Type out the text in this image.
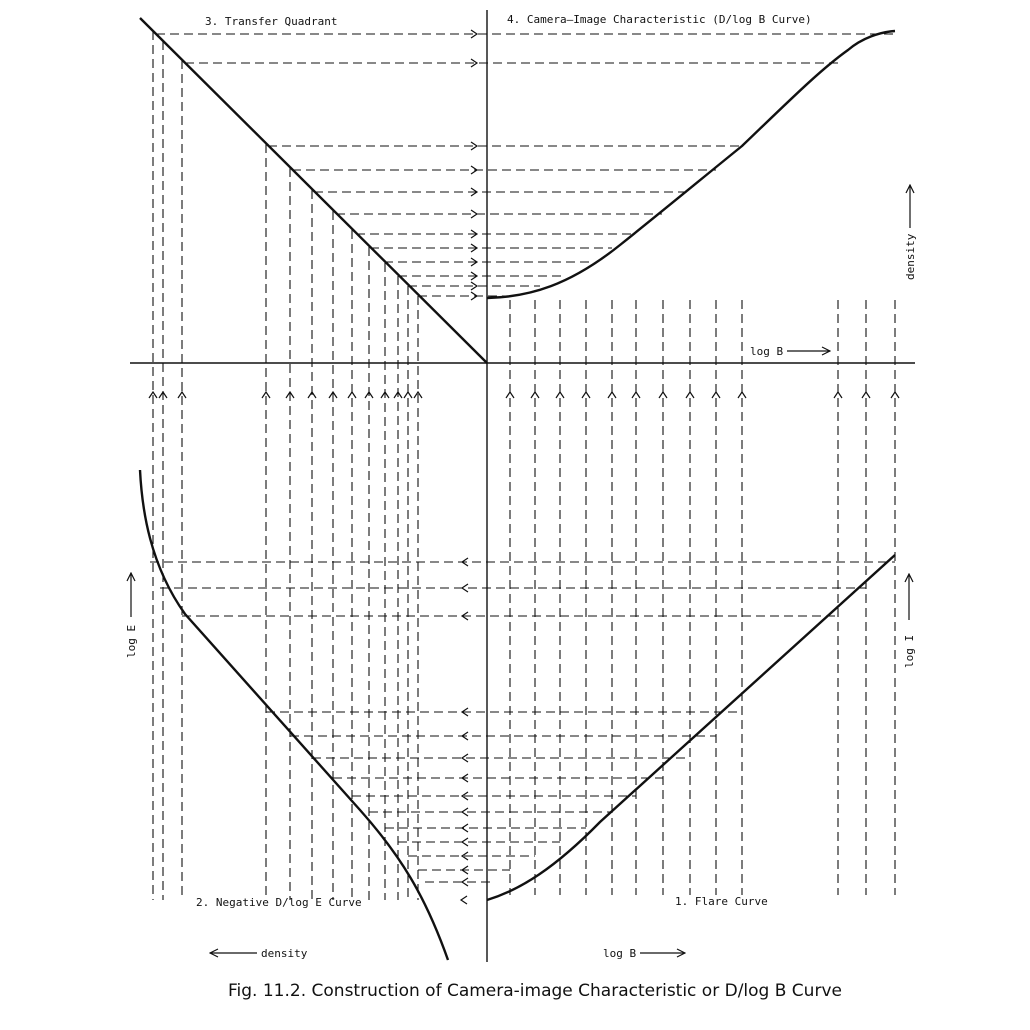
3. Transfer Quadrant	4. Camera–Image Characteristic (D/log B Curve)
2. Negative D/log E Curve	1. Flare Curve
log B
log B
density
density
log E	log I
Fig. 11.2. Construction of Camera-image Characteristic or D/log B Curve
